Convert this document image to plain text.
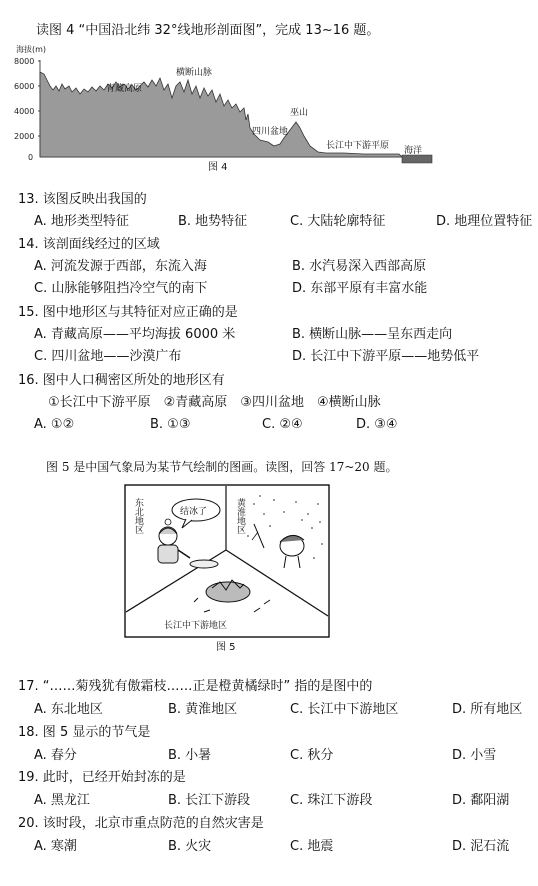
读图 4 “中国沿北纬 32°线地形剖面图”，完成 13~16 题。
海拔(m)
8000
6000
4000
2000
0
青藏高原
横断山脉
巫山
四川盆地
长江中下游平原 海洋
图 4
13. 该图反映出我国的
A. 地形类型特征	B. 地势特征	C. 大陆轮廓特征	D. 地理位置特征
14. 该剖面线经过的区域
A. 河流发源于西部，东流入海	B. 水汽易深入西部高原
C. 山脉能够阻挡冷空气的南下	D. 东部平原有丰富水能
15. 图中地形区与其特征对应正确的是
A. 青藏高原——平均海拔 6000 米	B. 横断山脉——呈东西走向
C. 四川盆地——沙漠广布	D. 长江中下游平原——地势低平
16. 图中人口稠密区所处的地形区有
①长江中下游平原　②青藏高原　③四川盆地　④横断山脉
A. ①②	B. ①③	C. ②④	D. ③④
图 5 是中国气象局为某节气绘制的图画。读图，回答 17~20 题。
东北地区	黄淮地区
长江中下游地区
结冰了
图 5
17. “……菊残犹有傲霜枝……正是橙黄橘绿时” 指的是图中的
A. 东北地区	B. 黄淮地区	C. 长江中下游地区	D. 所有地区
18. 图 5 显示的节气是
A. 春分	B. 小暑	C. 秋分	D. 小雪
19. 此时，已经开始封冻的是
A. 黑龙江	B. 长江下游段	C. 珠江下游段	D. 鄱阳湖
20. 该时段，北京市重点防范的自然灾害是
A. 寒潮	B. 火灾	C. 地震	D. 泥石流
